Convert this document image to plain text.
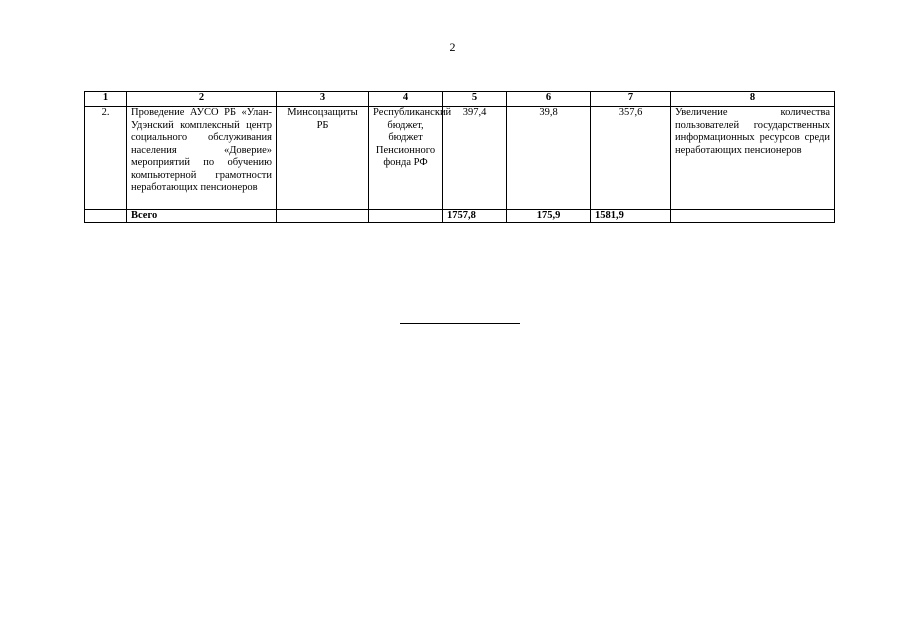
2
1	2	3	4	5	6	7	8
2.	Проведение АУСО РБ «Улан-Удэнский комплексный центр социального обслуживания населения «Доверие» мероприятий по обучению компьютерной грамотности неработающих пенсионеров	Минсоцзащиты РБ	Республиканский бюджет, бюджет Пенсионного фонда РФ	397,4	39,8	357,6	Увеличение количества пользователей государственных информационных ресурсов среди неработающих пенсионеров
	Всего			1757,8	175,9	1581,9	
